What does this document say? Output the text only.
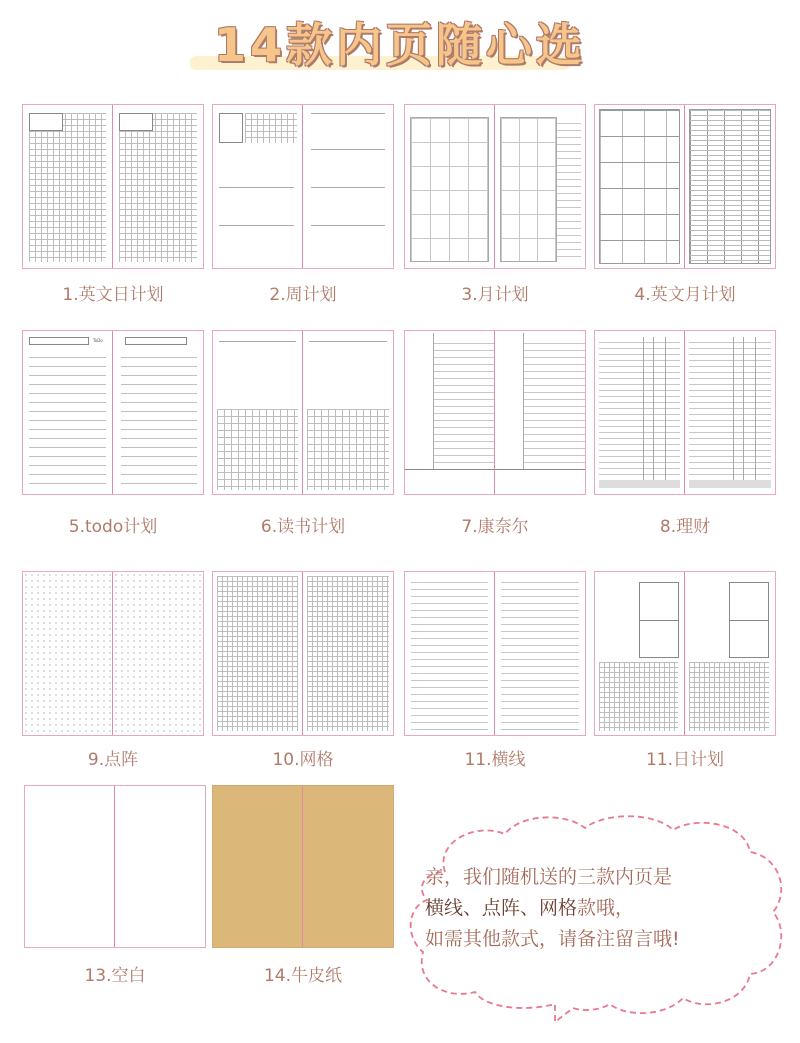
14款内页随心选
1.英文日计划	2.周计划	3.月计划	4.英文月计划
ToDo
5.todo计划	6.读书计划	7.康奈尔	8.理财
9.点阵	10.网格	11.横线	11.日计划
13.空白	14.牛皮纸
亲，我们随机送的三款内页是
横线、点阵、网格款哦，
如需其他款式，请备注留言哦!
